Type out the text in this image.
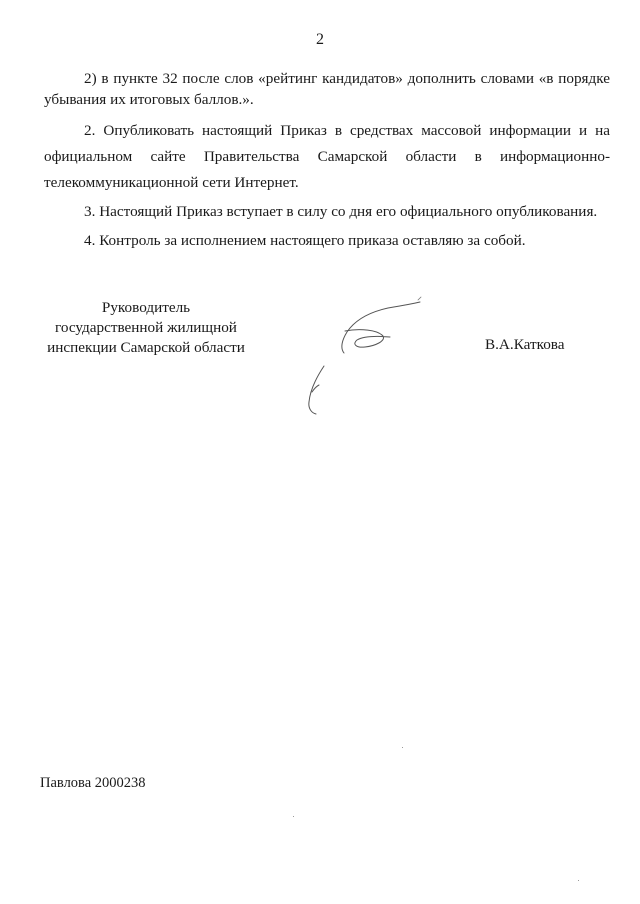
2

2) в пункте 32 после слов «рейтинг кандидатов» дополнить словами «в порядке убывания их итоговых баллов.».

2. Опубликовать настоящий Приказ в средствах массовой информации и на официальном сайте Правительства Самарской области в информационно-телекоммуникационной сети Интернет.

3. Настоящий Приказ вступает в силу со дня его официального опубликования.

4. Контроль за исполнением настоящего приказа оставляю за собой.

Руководитель
государственной жилищной
инспекции Самарской области	В.А.Каткова
Павлова 2000238
